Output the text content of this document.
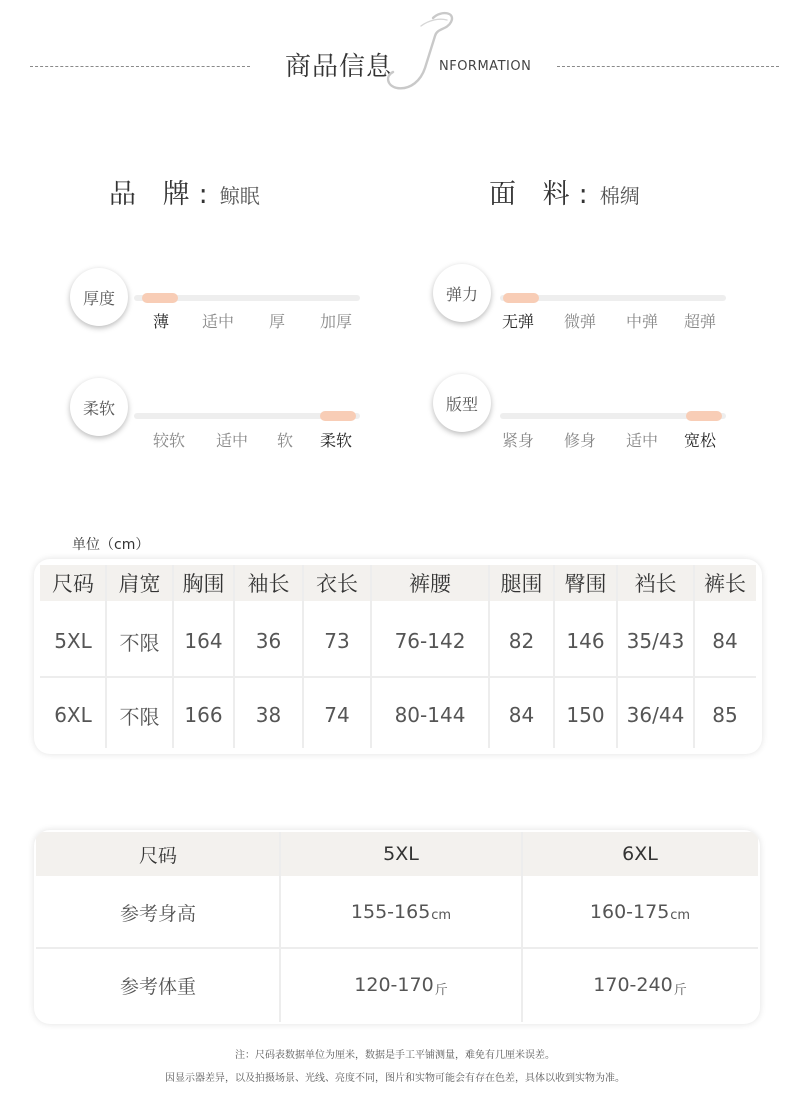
商品信息	NFORMATION
品 牌 : 鲸眠	面 料 : 棉绸
厚度
薄 适中 厚 加厚
弹力
无弹 微弹 中弹 超弹
柔软
较软 适中 软 柔软
版型
紧身 修身 适中 宽松
单位（cm）
尺码	肩宽	胸围	袖长	衣长	裤腰	腿围	臀围	裆长	裤长
5XL	不限	164	36	73	76-142	82	146	35/43	84
6XL	不限	166	38	74	80-144	84	150	36/44	85
尺码	5XL	6XL
参考身高	155-165 cm	160-175 cm
参考体重	120-170 斤	170-240 斤
注：尺码表数据单位为厘米，数据是手工平铺测量，难免有几厘米误差。
因显示器差异，以及拍摄场景、光线、亮度不同，图片和实物可能会有存在色差，具体以收到实物为准。
